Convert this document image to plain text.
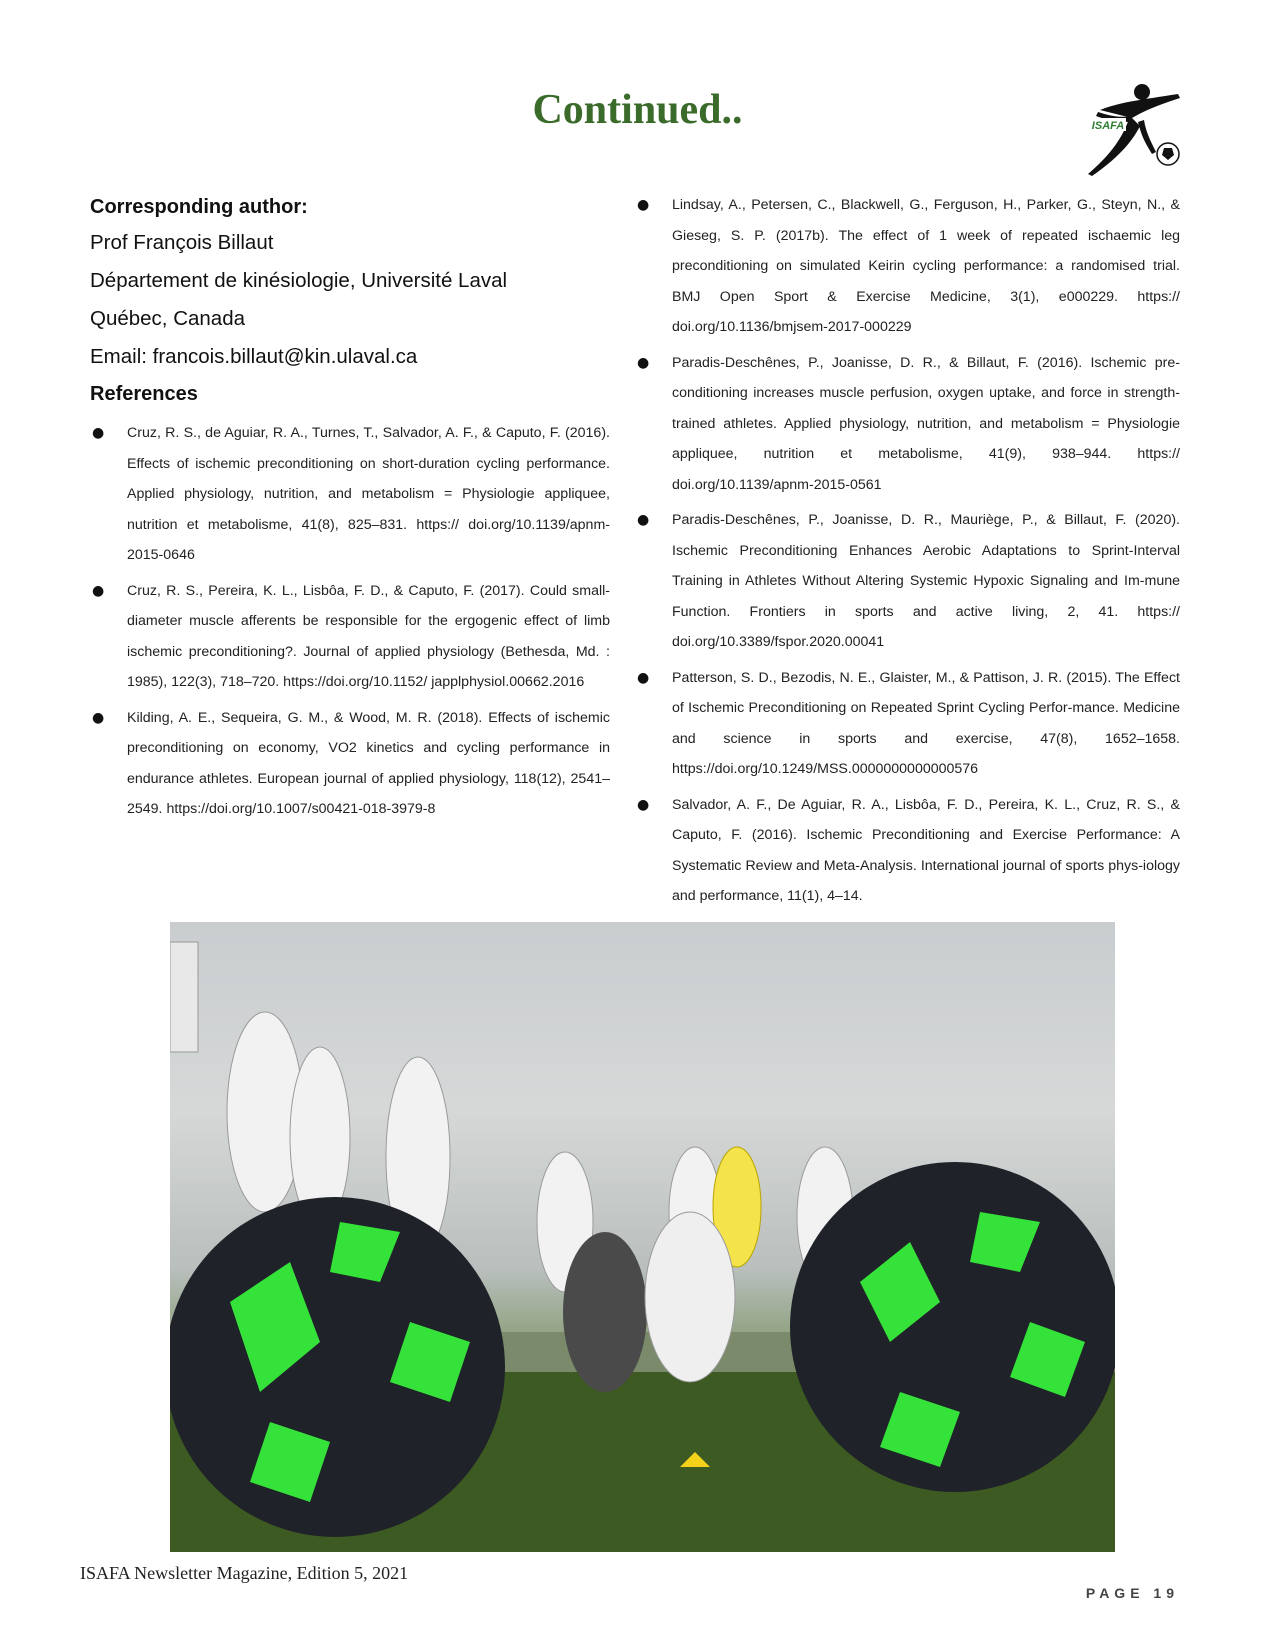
Continued..	ISAFA

Corresponding author:

Prof François Billaut

Département de kinésiologie, Université Laval

Québec, Canada

Email: francois.billaut@kin.ulaval.ca

References

● Cruz, R. S., de Aguiar, R. A., Turnes, T., Salvador, A. F., & Caputo, F. (2016). Effects of ischemic preconditioning on short-duration cycling performance. Applied physiology, nutrition, and metabolism = Physiologie appliquee, nutrition et metabolisme, 41(8), 825–831. https:// doi.org/10.1139/apnm-2015-0646
● Cruz, R. S., Pereira, K. L., Lisbôa, F. D., & Caputo, F. (2017). Could small-diameter muscle afferents be responsible for the ergogenic effect of limb ischemic preconditioning?. Journal of applied physiology (Bethesda, Md. : 1985), 122(3), 718–720. https://doi.org/10.1152/ japplphysiol.00662.2016
● Kilding, A. E., Sequeira, G. M., & Wood, M. R. (2018). Effects of ischemic preconditioning on economy, VO2 kinetics and cycling performance in endurance athletes. European journal of applied physiology, 118(12), 2541–2549. https://doi.org/10.1007/s00421-018-3979-8
● Lindsay, A., Petersen, C., Blackwell, G., Ferguson, H., Parker, G., Steyn, N., & Gieseg, S. P. (2017b). The effect of 1 week of repeated ischaemic leg preconditioning on simulated Keirin cycling performance: a randomised trial. BMJ Open Sport & Exercise Medicine, 3(1), e000229. https:// doi.org/10.1136/bmjsem-2017-000229
● Paradis-Deschênes, P., Joanisse, D. R., & Billaut, F. (2016). Ischemic pre-conditioning increases muscle perfusion, oxygen uptake, and force in strength-trained athletes. Applied physiology, nutrition, and metabolism = Physiologie appliquee, nutrition et metabolisme, 41(9), 938–944. https:// doi.org/10.1139/apnm-2015-0561
● Paradis-Deschênes, P., Joanisse, D. R., Mauriège, P., & Billaut, F. (2020). Ischemic Preconditioning Enhances Aerobic Adaptations to Sprint-Interval Training in Athletes Without Altering Systemic Hypoxic Signaling and Im-mune Function. Frontiers in sports and active living, 2, 41. https:// doi.org/10.3389/fspor.2020.00041
● Patterson, S. D., Bezodis, N. E., Glaister, M., & Pattison, J. R. (2015). The Effect of Ischemic Preconditioning on Repeated Sprint Cycling Perfor-mance. Medicine and science in sports and exercise, 47(8), 1652–1658. https://doi.org/10.1249/MSS.0000000000000576
● Salvador, A. F., De Aguiar, R. A., Lisbôa, F. D., Pereira, K. L., Cruz, R. S., & Caputo, F. (2016). Ischemic Preconditioning and Exercise Performance: A Systematic Review and Meta-Analysis. International journal of sports phys-iology and performance, 11(1), 4–14.
ISAFA Newsletter Magazine, Edition 5, 2021
PAGE 19
